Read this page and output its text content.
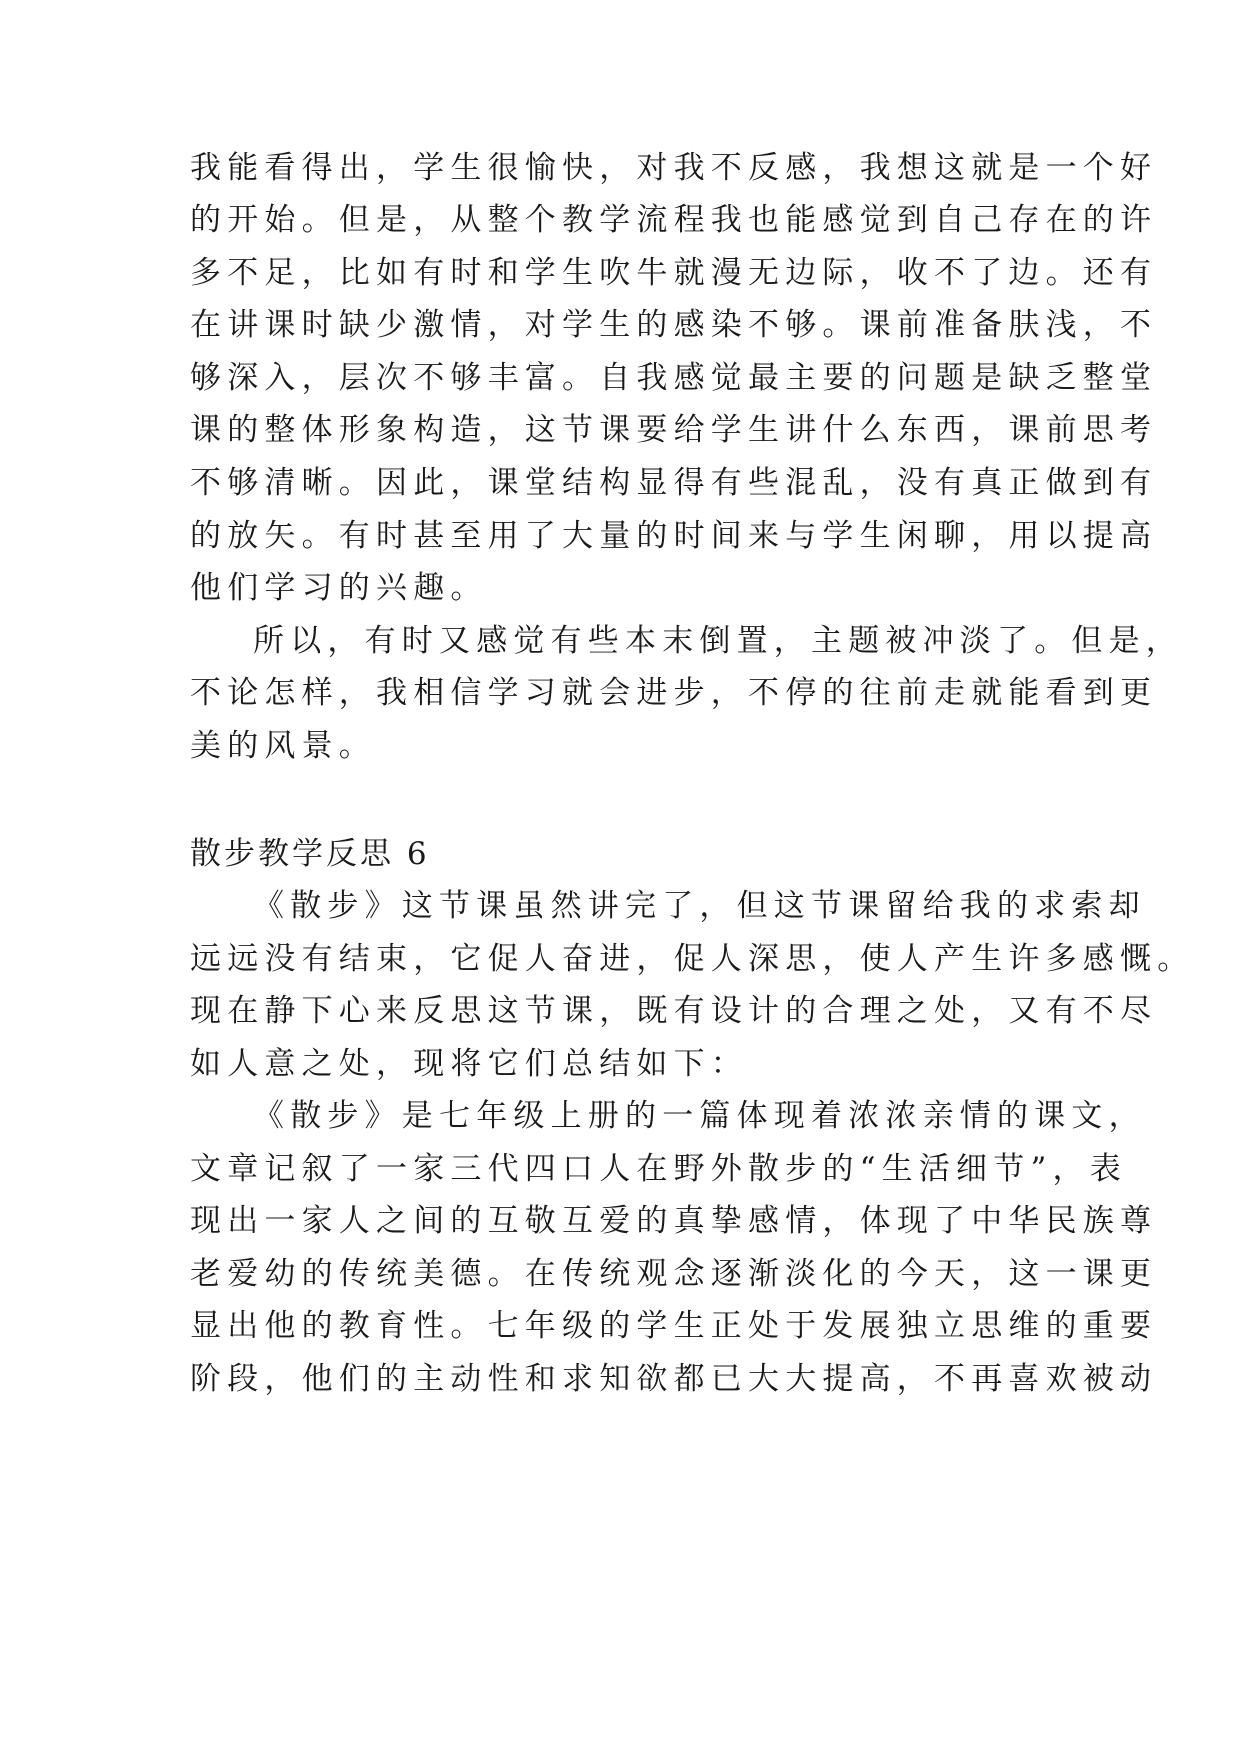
我能看得出，学生很愉快，对我不反感，我想这就是一个好
的开始。但是，从整个教学流程我也能感觉到自己存在的许
多不足，比如有时和学生吹牛就漫无边际，收不了边。还有
在讲课时缺少激情，对学生的感染不够。课前准备肤浅，不
够深入，层次不够丰富。自我感觉最主要的问题是缺乏整堂
课的整体形象构造，这节课要给学生讲什么东西，课前思考
不够清晰。因此，课堂结构显得有些混乱，没有真正做到有
的放矢。有时甚至用了大量的时间来与学生闲聊，用以提高
他们学习的兴趣。
所以，有时又感觉有些本末倒置，主题被冲淡了。但是，
不论怎样，我相信学习就会进步，不停的往前走就能看到更
美的风景。
散步教学反思 6
《散步》这节课虽然讲完了，但这节课留给我的求索却
远远没有结束，它促人奋进，促人深思，使人产生许多感慨。
现在静下心来反思这节课，既有设计的合理之处，又有不尽
如人意之处，现将它们总结如下：
《散步》是七年级上册的一篇体现着浓浓亲情的课文，
文章记叙了一家三代四口人在野外散步的“生活细节”，表
现出一家人之间的互敬互爱的真挚感情，体现了中华民族尊
老爱幼的传统美德。在传统观念逐渐淡化的今天，这一课更
显出他的教育性。七年级的学生正处于发展独立思维的重要
阶段，他们的主动性和求知欲都已大大提高，不再喜欢被动
